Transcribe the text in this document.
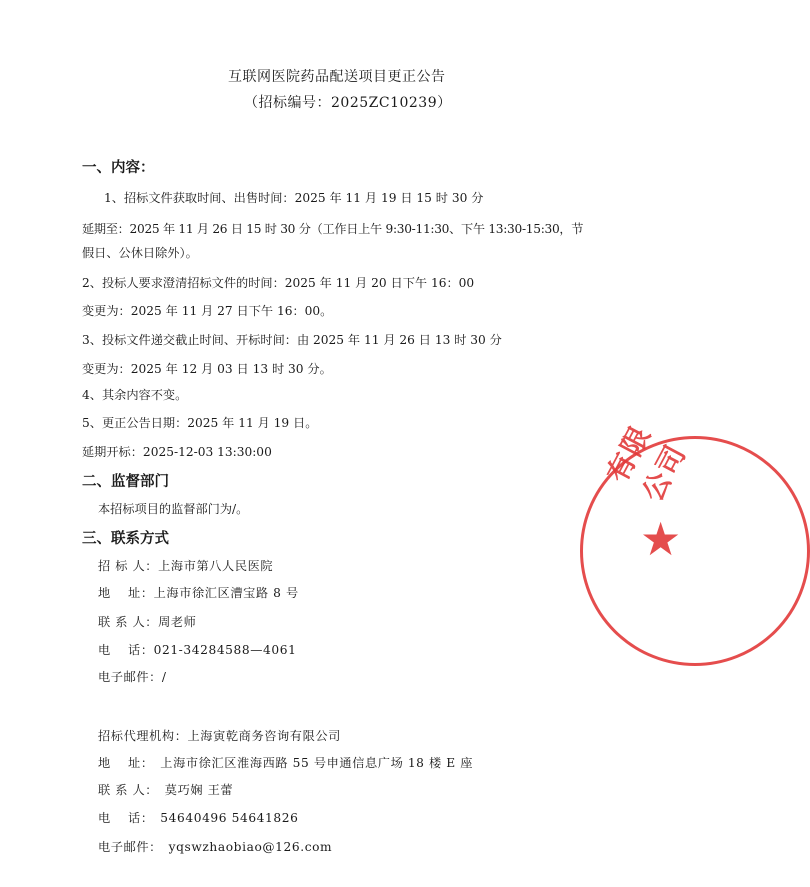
互联网医院药品配送项目更正公告
（招标编号：2025ZC10239）
一、内容：
1、招标文件获取时间、出售时间：2025 年 11 月 19 日 15 时 30 分
延期至：2025 年 11 月 26 日 15 时 30 分（工作日上午 9:30-11:30、下午 13:30-15:30，节
假日、公休日除外）。
2、投标人要求澄清招标文件的时间：2025 年 11 月 20 日下午 16：00
变更为：2025 年 11 月 27 日下午 16：00。
3、投标文件递交截止时间、开标时间：由 2025 年 11 月 26 日 13 时 30 分
变更为：2025 年 12 月 03 日 13 时 30 分。
4、其余内容不变。
5、更正公告日期：2025 年 11 月 19 日。
延期开标：2025-12-03 13:30:00
二、监督部门
本招标项目的监督部门为/。
三、联系方式
招 标 人：上海市第八人民医院
地　 址：上海市徐汇区漕宝路 8 号
联 系 人：周老师
电　 话：021-34284588—4061
电子邮件：/
招标代理机构：上海寅乾商务咨询有限公司
地　 址：　上海市徐汇区淮海西路 55 号申通信息广场 18 楼 E 座
联 系 人：　莫巧娴 王蕾
电　 话：　54640496 54641826
电子邮件：　yqswzhaobiao@126.com
有限公司
★
